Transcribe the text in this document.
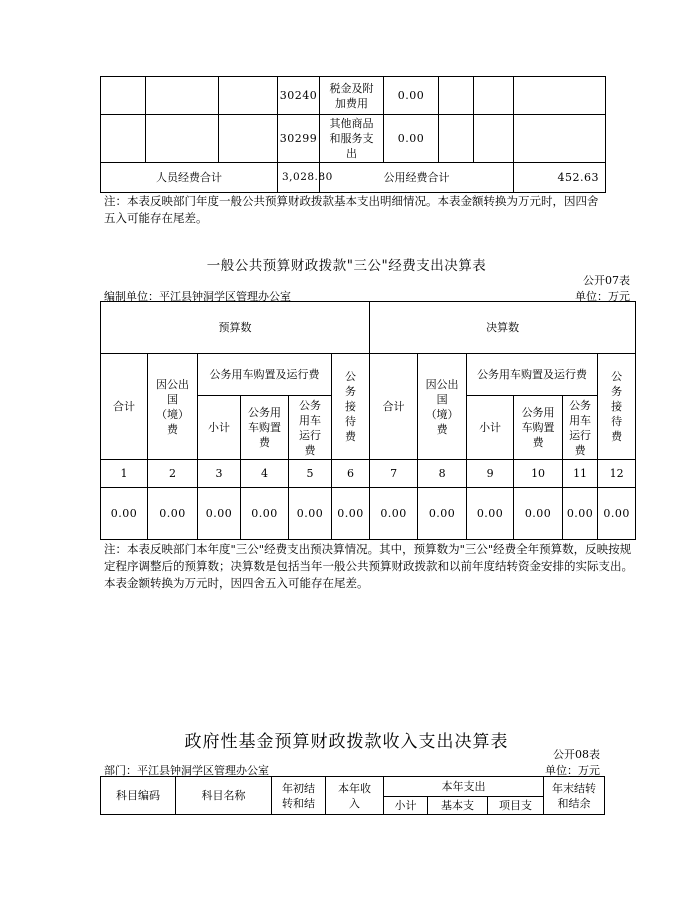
			30240	税金及附加费用	0.00			
			30299	其他商品和服务支出	0.00			
人员经费合计			3,028.80	公用经费合计				452.63
注：本表反映部门年度一般公共预算财政拨款基本支出明细情况。本表金额转换为万元时，因四舍五入可能存在尾差。
一般公共预算财政拨款"三公"经费支出决算表
公开07表
编制单位：平江县钟洞学区管理办公室	单位：万元
预算数						决算数					
合计	因公出国（境）费	公务用车购置及运行费			公务接待费	合计	因公出国（境）费	公务用车购置及运行费			公务接待费
		小计	公务用车购置费	公务用车运行费				小计	公务用车购置费	公务用车运行费	
1	2	3	4	5	6	7	8	9	10	11	12
0.00	0.00	0.00	0.00	0.00	0.00	0.00	0.00	0.00	0.00	0.00	0.00
注：本表反映部门本年度"三公"经费支出预决算情况。其中，预算数为"三公"经费全年预算数，反映按规定程序调整后的预算数；决算数是包括当年一般公共预算财政拨款和以前年度结转资金安排的实际支出。本表金额转换为万元时，因四舍五入可能存在尾差。
政府性基金预算财政拨款收入支出决算表
公开08表
部门：平江县钟洞学区管理办公室	单位：万元
科目编码	科目名称	年初结转和结	本年收入	本年支出			年末结转和结余
				小计	基本支	项目支	
